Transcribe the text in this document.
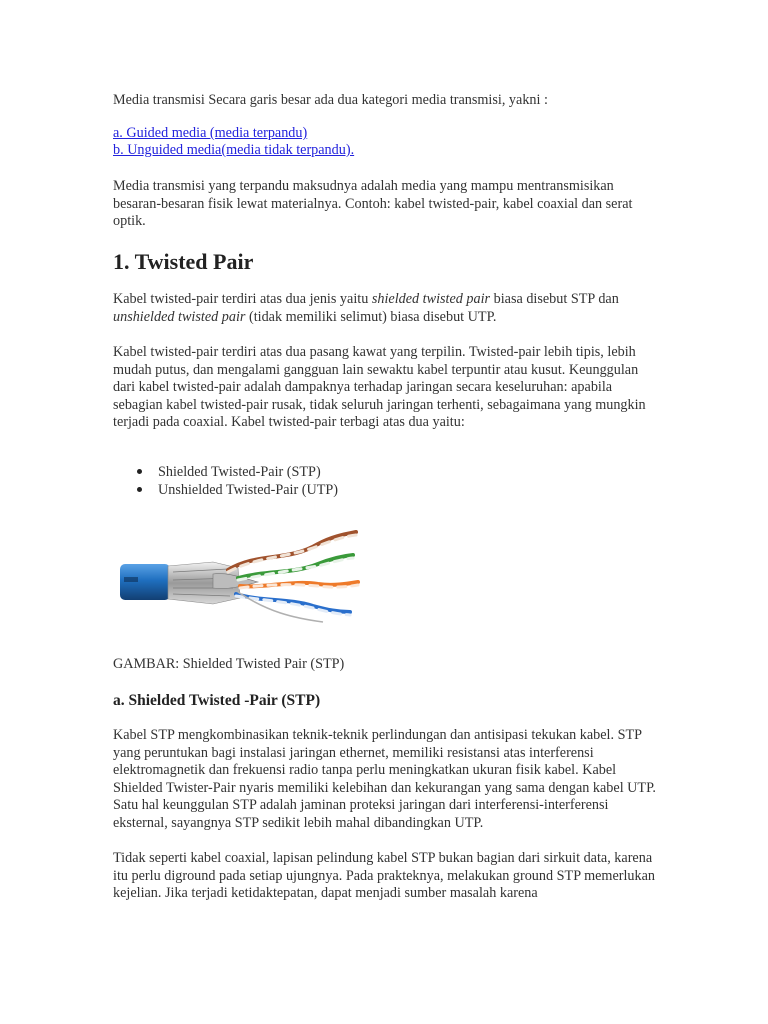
Media transmisi Secara garis besar ada dua kategori media transmisi, yakni :

a. Guided media (media terpandu)
b. Unguided media(media tidak terpandu).

Media transmisi yang terpandu maksudnya adalah media yang mampu mentransmisikan besaran-besaran fisik lewat materialnya. Contoh: kabel twisted-pair, kabel coaxial dan serat optik.

1. Twisted Pair

Kabel twisted-pair terdiri atas dua jenis yaitu shielded twisted pair biasa disebut STP dan unshielded twisted pair (tidak memiliki selimut) biasa disebut UTP.

Kabel twisted-pair terdiri atas dua pasang kawat yang terpilin. Twisted-pair lebih tipis, lebih mudah putus, dan mengalami gangguan lain sewaktu kabel terpuntir atau kusut. Keunggulan dari kabel twisted-pair adalah dampaknya terhadap jaringan secara keseluruhan: apabila sebagian kabel twisted-pair rusak, tidak seluruh jaringan terhenti, sebagaimana yang mungkin terjadi pada coaxial. Kabel twisted-pair terbagi atas dua yaitu:

Shielded Twisted-Pair (STP)
Unshielded Twisted-Pair (UTP)

GAMBAR: Shielded Twisted Pair (STP)

a. Shielded Twisted -Pair (STP)

Kabel STP mengkombinasikan teknik-teknik perlindungan dan antisipasi tekukan kabel. STP yang peruntukan bagi instalasi jaringan ethernet, memiliki resistansi atas interferensi elektromagnetik dan frekuensi radio tanpa perlu meningkatkan ukuran fisik kabel. Kabel Shielded Twister-Pair nyaris memiliki kelebihan dan kekurangan yang sama dengan kabel UTP. Satu hal keunggulan STP adalah jaminan proteksi jaringan dari interferensi-interferensi eksternal, sayangnya STP sedikit lebih mahal dibandingkan UTP.

Tidak seperti kabel coaxial, lapisan pelindung kabel STP bukan bagian dari sirkuit data, karena itu perlu diground pada setiap ujungnya. Pada prakteknya, melakukan ground STP memerlukan kejelian. Jika terjadi ketidaktepatan, dapat menjadi sumber masalah karena
